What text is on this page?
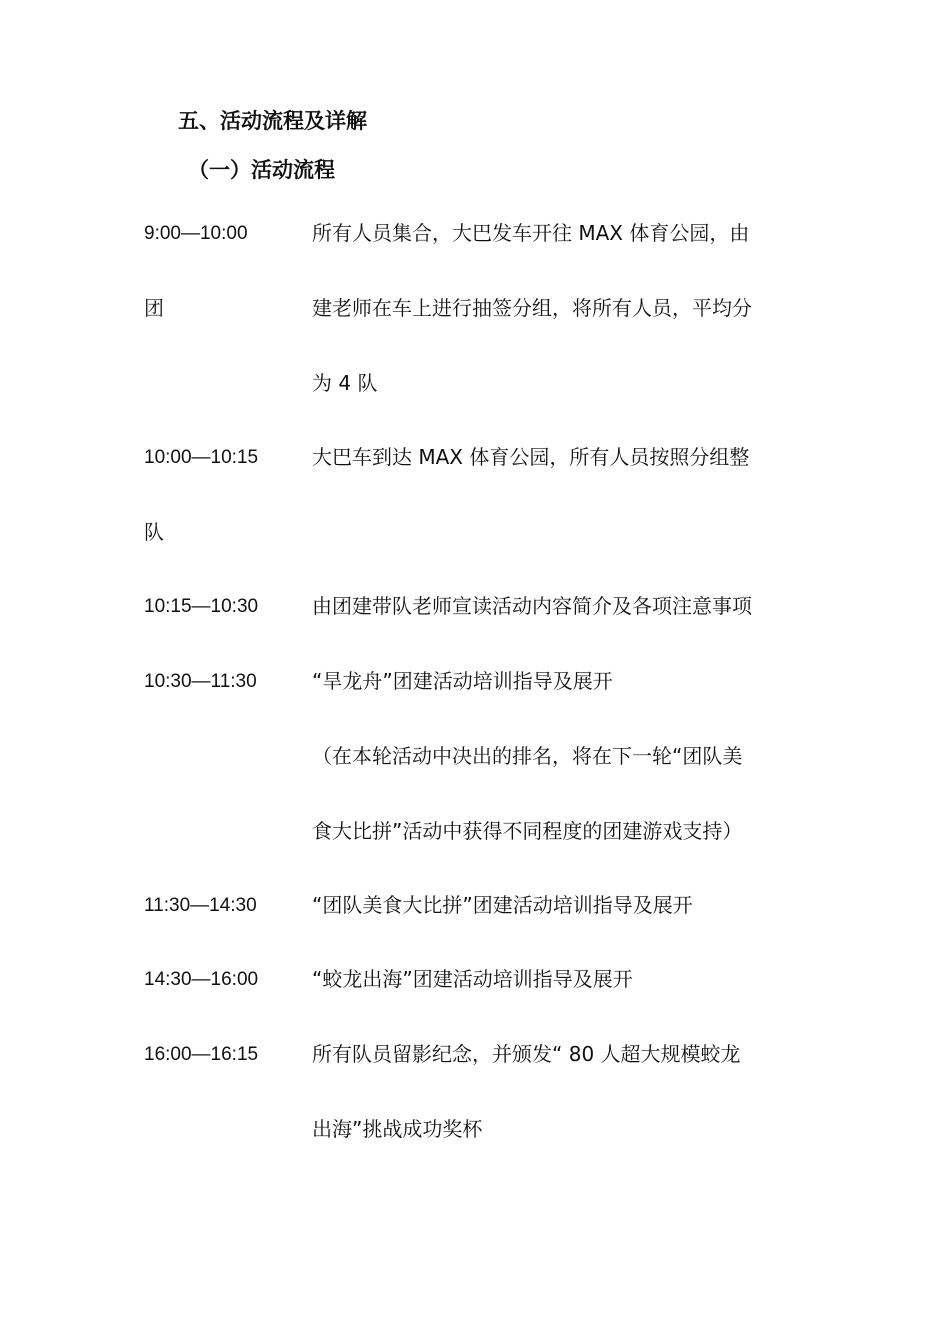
五、活动流程及详解
（一）活动流程
9:00—10:00	所有人员集合，大巴发车开往 MAX 体育公园，由
团	建老师在车上进行抽签分组，将所有人员，平均分
为 4 队
10:00—10:15	大巴车到达 MAX 体育公园，所有人员按照分组整
队
10:15—10:30	由团建带队老师宣读活动内容简介及各项注意事项
10:30—11:30	“旱龙舟”团建活动培训指导及展开
（在本轮活动中决出的排名，将在下一轮“团队美
食大比拼”活动中获得不同程度的团建游戏支持）
11:30—14:30	“团队美食大比拼”团建活动培训指导及展开
14:30—16:00	“蛟龙出海”团建活动培训指导及展开
16:00—16:15	所有队员留影纪念，并颁发“ 80 人超大规模蛟龙
出海”挑战成功奖杯
